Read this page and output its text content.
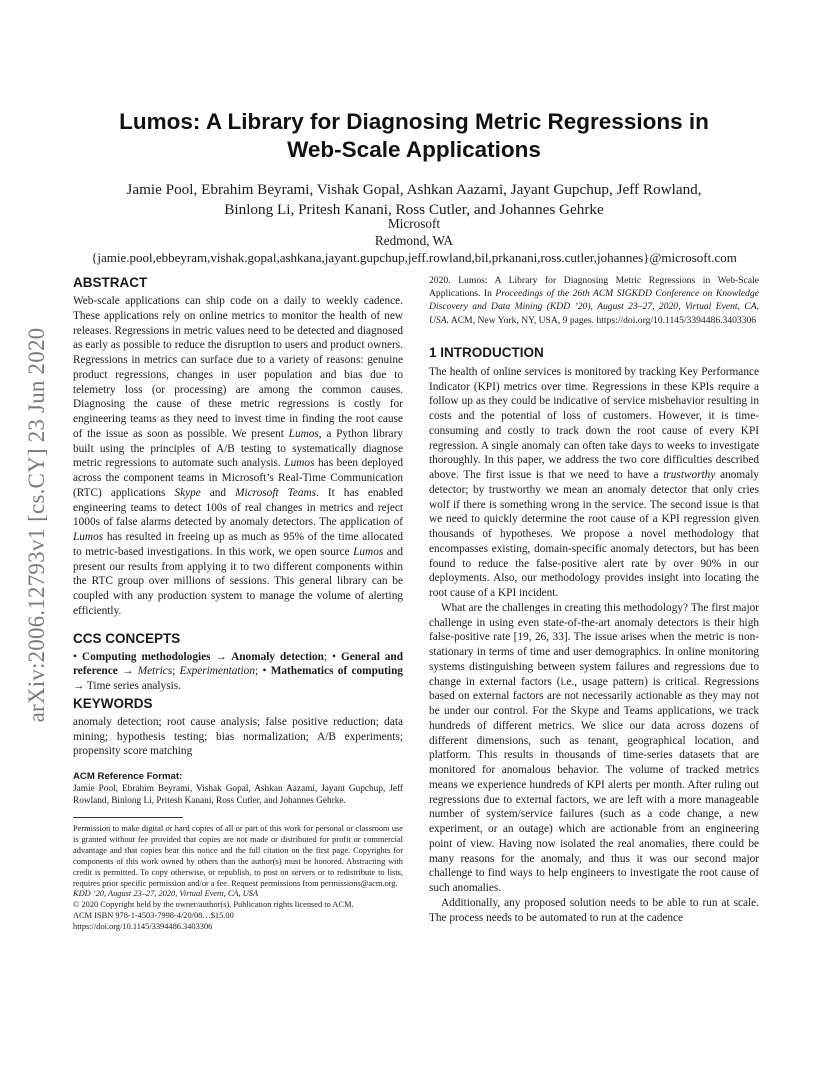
arXiv:2006.12793v1 [cs.CY] 23 Jun 2020
Lumos: A Library for Diagnosing Metric Regressions in
Web-Scale Applications
Jamie Pool, Ebrahim Beyrami, Vishak Gopal, Ashkan Aazami, Jayant Gupchup, Jeff Rowland,
Binlong Li, Pritesh Kanani, Ross Cutler, and Johannes Gehrke
Microsoft
Redmond, WA
{jamie.pool,ebbeyram,vishak.gopal,ashkana,jayant.gupchup,jeff.rowland,bil,prkanani,ross.cutler,johannes}@microsoft.com
ABSTRACT

Web-scale applications can ship code on a daily to weekly cadence. These applications rely on online metrics to monitor the health of new releases. Regressions in metric values need to be detected and diagnosed as early as possible to reduce the disruption to users and product owners. Regressions in metrics can surface due to a variety of reasons: genuine product regressions, changes in user population and bias due to telemetry loss (or processing) are among the common causes. Diagnosing the cause of these metric regressions is costly for engineering teams as they need to invest time in finding the root cause of the issue as soon as possible. We present Lumos, a Python library built using the principles of A/B testing to systematically diagnose metric regressions to automate such analysis. Lumos has been deployed across the component teams in Microsoft’s Real-Time Communication (RTC) applications Skype and Microsoft Teams. It has enabled engineering teams to detect 100s of real changes in metrics and reject 1000s of false alarms detected by anomaly detectors. The application of Lumos has resulted in freeing up as much as 95% of the time allocated to metric-based investigations. In this work, we open source Lumos and present our results from applying it to two different components within the RTC group over millions of sessions. This general library can be coupled with any production system to manage the volume of alerting efficiently.

CCS CONCEPTS

• Computing methodologies → Anomaly detection; • General and reference → Metrics; Experimentation; • Mathematics of computing → Time series analysis.

KEYWORDS

anomaly detection; root cause analysis; false positive reduction; data mining; hypothesis testing; bias normalization; A/B experiments; propensity score matching

ACM Reference Format:

Jamie Pool, Ebrahim Beyrami, Vishak Gopal, Ashkan Aazami, Jayant Gupchup, Jeff Rowland, Binlong Li, Pritesh Kanani, Ross Cutler, and Johannes Gehrke.

Permission to make digital or hard copies of all or part of this work for personal or classroom use is granted without fee provided that copies are not made or distributed for profit or commercial advantage and that copies bear this notice and the full citation on the first page. Copyrights for components of this work owned by others than the author(s) must be honored. Abstracting with credit is permitted. To copy otherwise, or republish, to post on servers or to redistribute to lists, requires prior specific permission and/or a fee. Request permissions from permissions@acm.org.

KDD ’20, August 23–27, 2020, Virtual Event, CA, USA

© 2020 Copyright held by the owner/author(s). Publication rights licensed to ACM.

ACM ISBN 978-1-4503-7998-4/20/08…$15.00

https://doi.org/10.1145/3394486.3403306

2020. Lumos: A Library for Diagnosing Metric Regressions in Web-Scale Applications. In Proceedings of the 26th ACM SIGKDD Conference on Knowledge Discovery and Data Mining (KDD ’20), August 23–27, 2020, Virtual Event, CA, USA. ACM, New York, NY, USA, 9 pages. https://doi.org/10.1145/3394486.3403306

1 INTRODUCTION

The health of online services is monitored by tracking Key Performance Indicator (KPI) metrics over time. Regressions in these KPIs require a follow up as they could be indicative of service misbehavior resulting in costs and the potential of loss of customers. However, it is time-consuming and costly to track down the root cause of every KPI regression. A single anomaly can often take days to weeks to investigate thoroughly. In this paper, we address the two core difficulties described above. The first issue is that we need to have a trustworthy anomaly detector; by trustworthy we mean an anomaly detector that only cries wolf if there is something wrong in the service. The second issue is that we need to quickly determine the root cause of a KPI regression given thousands of hypotheses. We propose a novel methodology that encompasses existing, domain-specific anomaly detectors, but has been found to reduce the false-positive alert rate by over 90% in our deployments. Also, our methodology provides insight into locating the root cause of a KPI incident.

What are the challenges in creating this methodology? The first major challenge in using even state-of-the-art anomaly detectors is their high false-positive rate [19, 26, 33]. The issue arises when the metric is non-stationary in terms of time and user demographics. In online monitoring systems distinguishing between system failures and regressions due to change in external factors (i.e., usage pattern) is critical. Regressions based on external factors are not necessarily actionable as they may not be under our control. For the Skype and Teams applications, we track hundreds of different metrics. We slice our data across dozens of different dimensions, such as tenant, geographical location, and platform. This results in thousands of time-series datasets that are monitored for anomalous behavior. The volume of tracked metrics means we experience hundreds of KPI alerts per month. After ruling out regressions due to external factors, we are left with a more manageable number of system/service failures (such as a code change, a new experiment, or an outage) which are actionable from an engineering point of view. Having now isolated the real anomalies, there could be many reasons for the anomaly, and thus it was our second major challenge to find ways to help engineers to investigate the root cause of such anomalies.

Additionally, any proposed solution needs to be able to run at scale. The process needs to be automated to run at the cadence
